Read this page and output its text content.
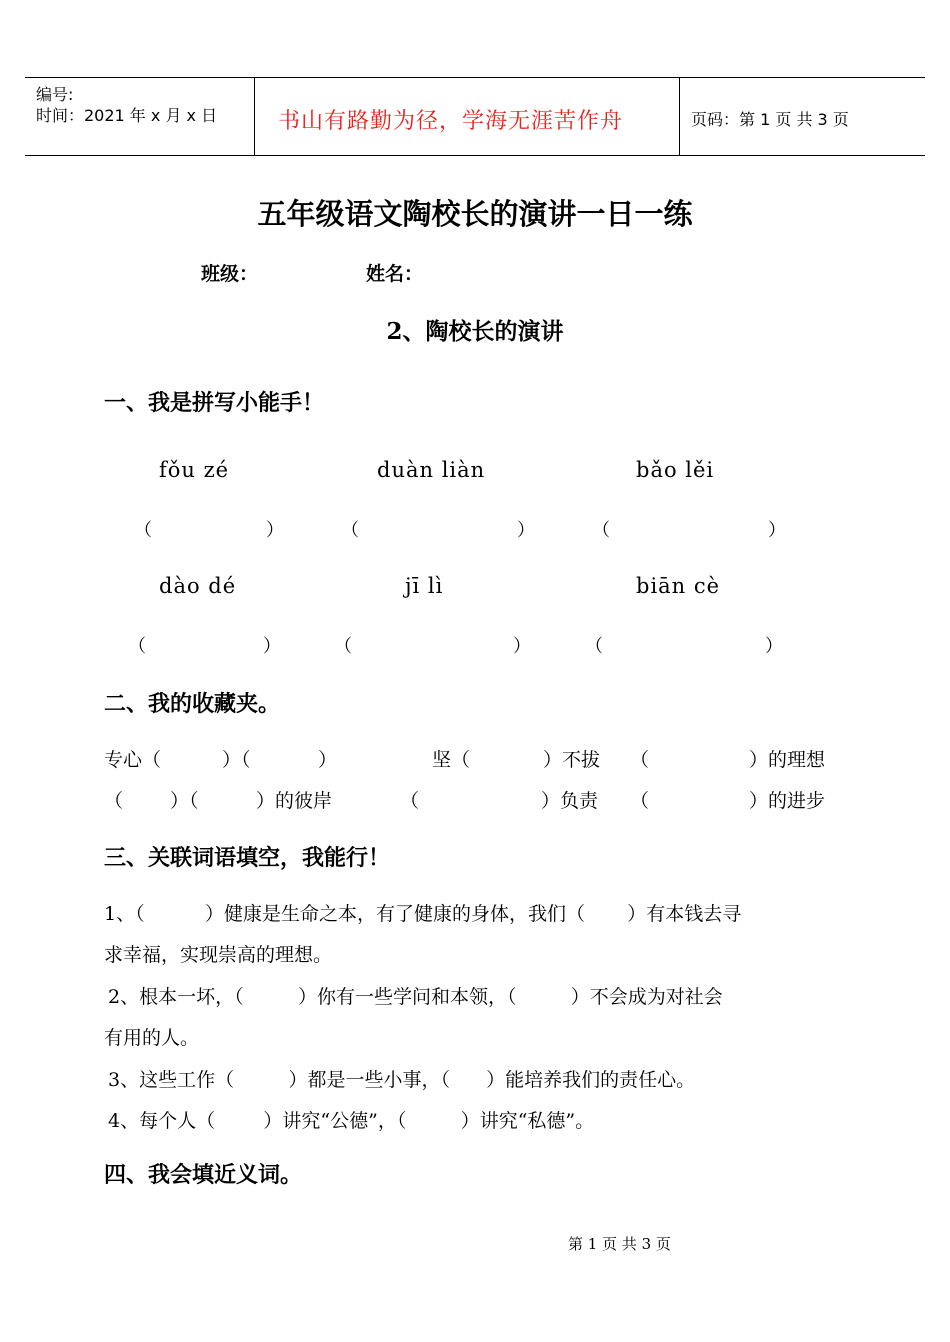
编号:
时间：2021 年 x 月 x 日	书山有路勤为径，学海无涯苦作舟	页码：第 1 页 共 3 页
五年级语文陶校长的演讲一日一练
班级：	姓名：
2、陶校长的演讲
一、我是拼写小能手！
fǒu zé	duàn liàn	bǎo lěi
（	）	（	）	（	）
dào dé	jī lì	biān cè
（	）	（	）	（	）
二、我的收藏夹。
专心（	）（	）	坚（	）不拔 （	）的理想
（ ）（	）的彼岸	（	）负责 （	）的进步
三、关联词语填空，我能行！
1、（          ）健康是生命之本，有了健康的身体，我们（       ）有本钱去寻
求幸福，实现崇高的理想。
2、根本一坏，（         ）你有一些学问和本领，（         ）不会成为对社会
有用的人。
3、这些工作（         ）都是一些小事，（      ）能培养我们的责任心。
4、每个人（        ）讲究“公德”，（         ）讲究“私德”。
四、我会填近义词。
第 1 页 共 3 页
